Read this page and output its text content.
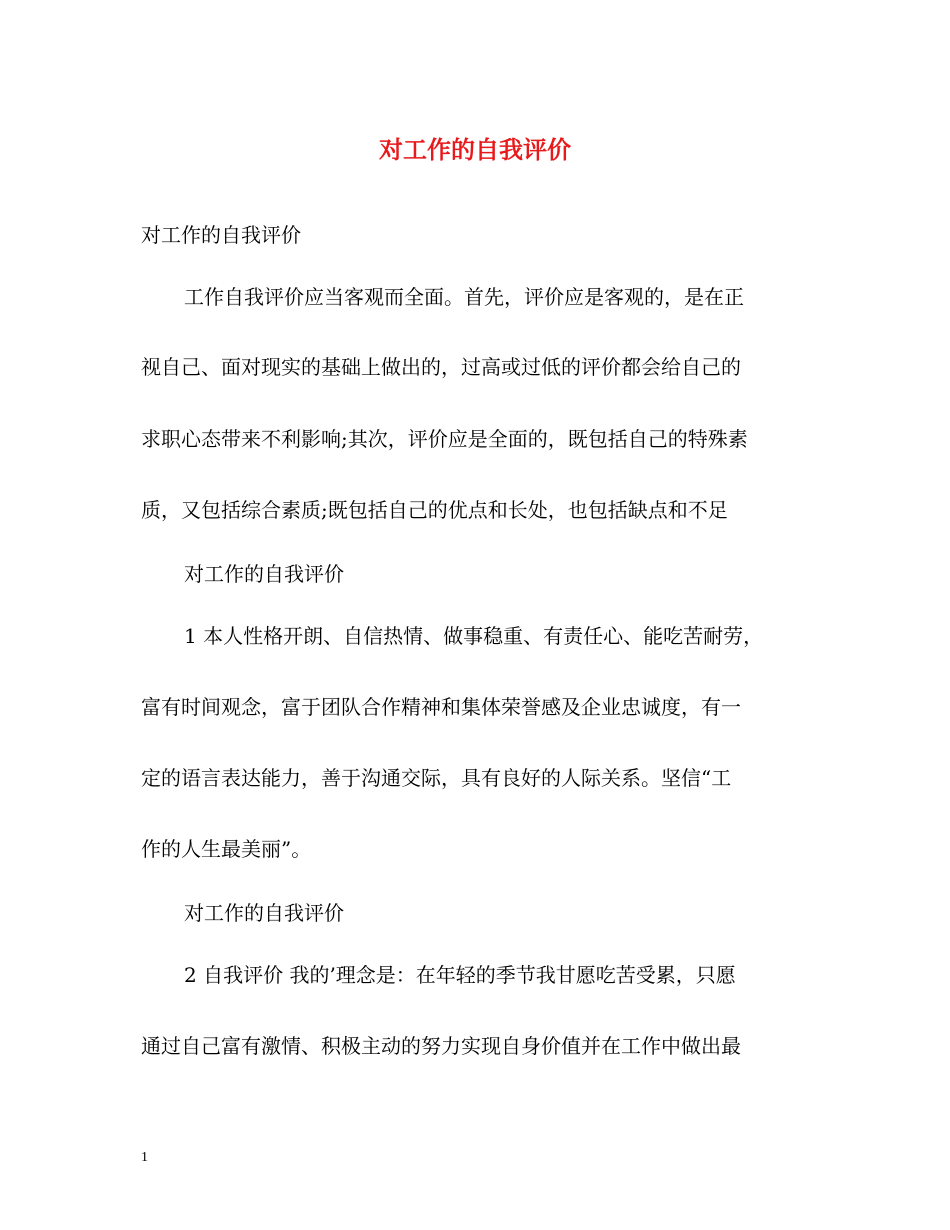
对工作的自我评价
对工作的自我评价
工作自我评价应当客观而全面。首先，评价应是客观的，是在正
视自己、面对现实的基础上做出的，过高或过低的评价都会给自己的
求职心态带来不利影响;其次，评价应是全面的，既包括自己的特殊素
质，又包括综合素质;既包括自己的优点和长处，也包括缺点和不足
对工作的自我评价
1 本人性格开朗、自信热情、做事稳重、有责任心、能吃苦耐劳，
富有时间观念，富于团队合作精神和集体荣誉感及企业忠诚度，有一
定的语言表达能力，善于沟通交际，具有良好的人际关系。坚信“工
作的人生最美丽”。
对工作的自我评价
2 自我评价 我的’理念是：在年轻的季节我甘愿吃苦受累，只愿
通过自己富有激情、积极主动的努力实现自身价值并在工作中做出最
1
